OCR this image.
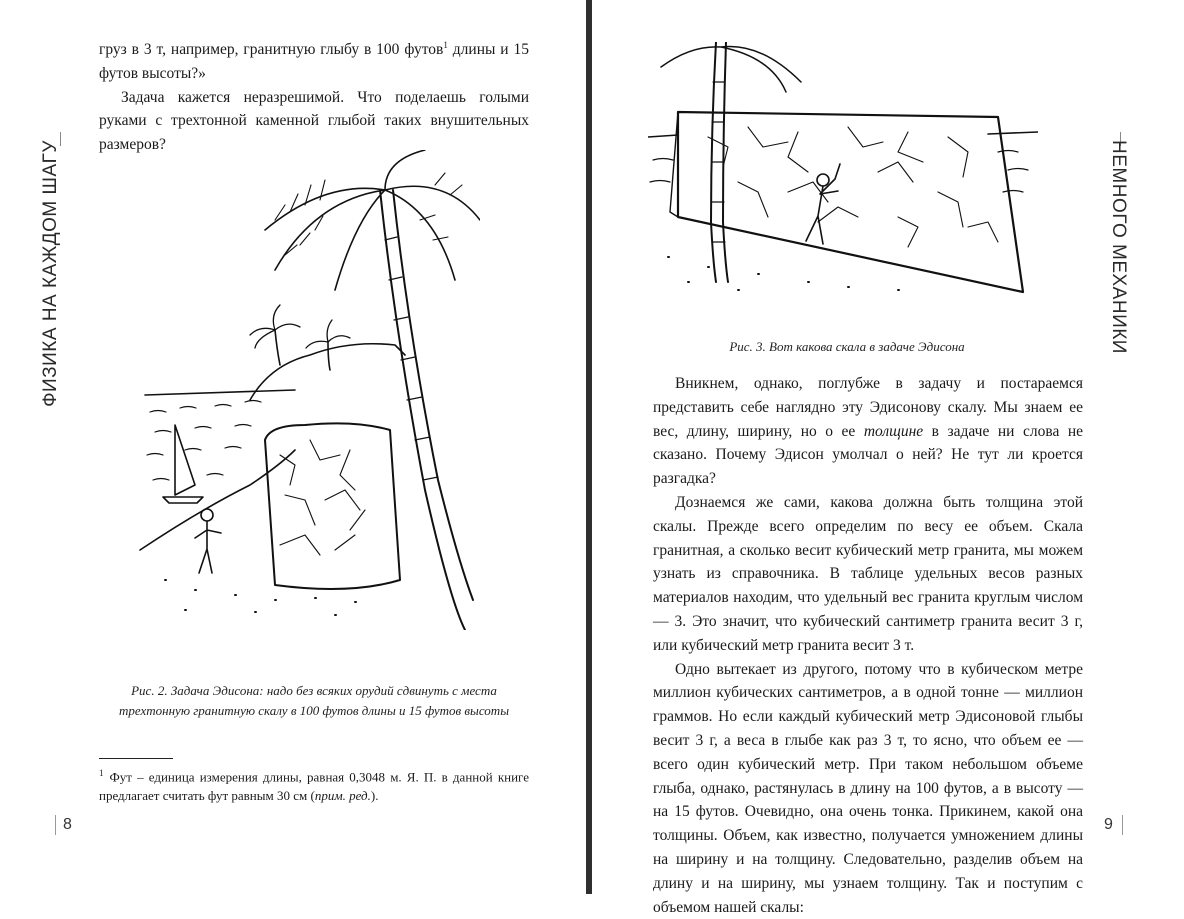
ФИЗИКА НА КАЖДОМ ШАГУ

груз в 3 т, например, гранитную глыбу в 100 футов$^1$ длины и 15 футов высоты?»

Задача кажется неразрешимой. Что поделаешь голыми руками с трехтонной каменной глыбой таких внушительных размеров?

Рис. 2. Задача Эдисона: надо без всяких орудий сдвинуть с места трехтонную гранитную скалу в 100 футов длины и 15 футов высоты
$^1$ Фут – единица измерения длины, равная 0,3048 м. Я. П. в данной книге предлагает считать фут равным 30 см (прим. ред.).
8
Рис. 3. Вот какова скала в задаче Эдисона

Вникнем, однако, поглубже в задачу и постараемся представить себе наглядно эту Эдисонову скалу. Мы знаем ее вес, длину, ширину, но о ее толщине в задаче ни слова не сказано. Почему Эдисон умолчал о ней? Не тут ли кроется разгадка?

Дознаемся же сами, какова должна быть толщина этой скалы. Прежде всего определим по весу ее объем. Скала гранитная, а сколько весит кубический метр гранита, мы можем узнать из справочника. В таблице удельных весов разных материалов находим, что удельный вес гранита круглым числом — 3. Это значит, что кубический сантиметр гранита весит 3 г, или кубический метр гранита весит 3 т.

Одно вытекает из другого, потому что в кубическом метре миллион кубических сантиметров, а в одной тонне — миллион граммов. Но если каждый кубический метр Эдисоновой глыбы весит 3 г, а веса в глыбе как раз 3 т, то ясно, что объем ее — всего один кубический метр. При таком небольшом объеме глыба, однако, растянулась в длину на 100 футов, а в высоту — на 15 футов. Очевидно, она очень тонка. Прикинем, какой она толщины. Объем, как известно, получается умножением длины на ширину и на толщину. Следовательно, разделив объем на длину и на ширину, мы узнаем толщину. Так и поступим с объемом нашей скалы:

НЕМНОГО МЕХАНИКИ
9
